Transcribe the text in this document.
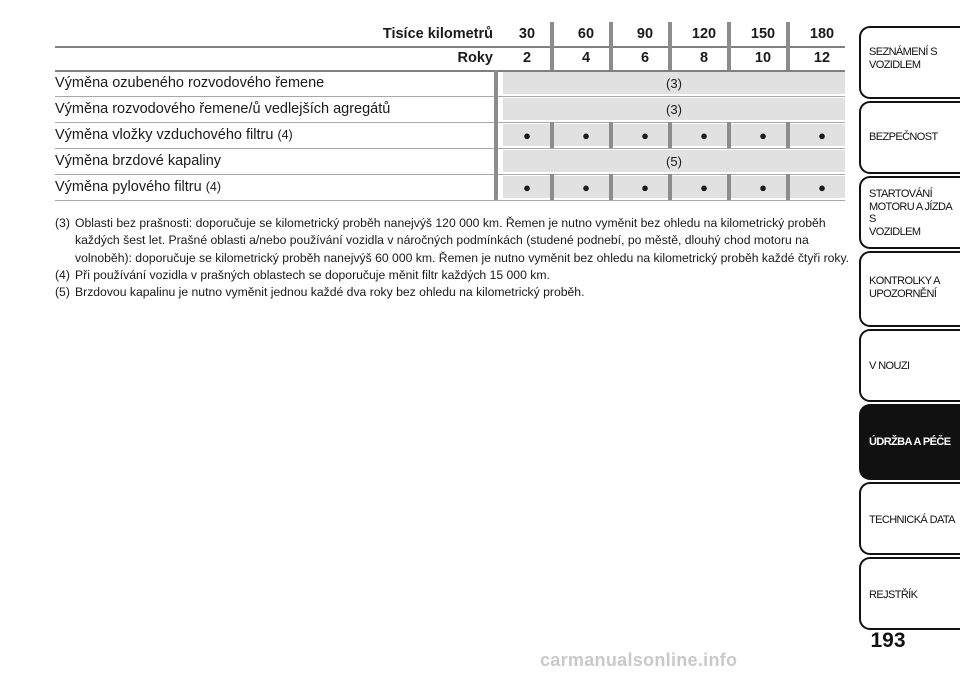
Tisíce kilometrů	30	60	90	120	150	180
Roky	2	4	6	8	10	12
Výměna ozubeného rozvodového řemene	(3)
Výměna rozvodového řemene/ů vedlejších agregátů	(3)
Výměna vložky vzduchového filtru (4)	●	●	●	●	●	●
Výměna brzdové kapaliny	(5)
Výměna pylového filtru (4)	●	●	●	●	●	●
(3) Oblasti bez prašnosti: doporučuje se kilometrický proběh nanejvýš 120 000 km. Řemen je nutno vyměnit bez ohledu na kilometrický proběh každých šest let. Prašné oblasti a/nebo používání vozidla v náročných podmínkách (studené podnebí, po městě, dlouhý chod motoru na volnoběh): doporučuje se kilometrický proběh nanejvýš 60 000 km. Řemen je nutno vyměnit bez ohledu na kilometrický proběh každé čtyři roky.
(4) Při používání vozidla v prašných oblastech se doporučuje měnit filtr každých 15 000 km.
(5) Brzdovou kapalinu je nutno vyměnit jednou každé dva roky bez ohledu na kilometrický proběh.
SEZNÁMENÍ S
VOZIDLEM
BEZPEČNOST
STARTOVÁNÍ
MOTORU A JÍZDA S
VOZIDLEM
KONTROLKY A
UPOZORNĚNÍ
V NOUZI
ÚDRŽBA A PÉČE
TECHNICKÁ DATA
REJSTŘÍK
193
carmanualsonline.info
